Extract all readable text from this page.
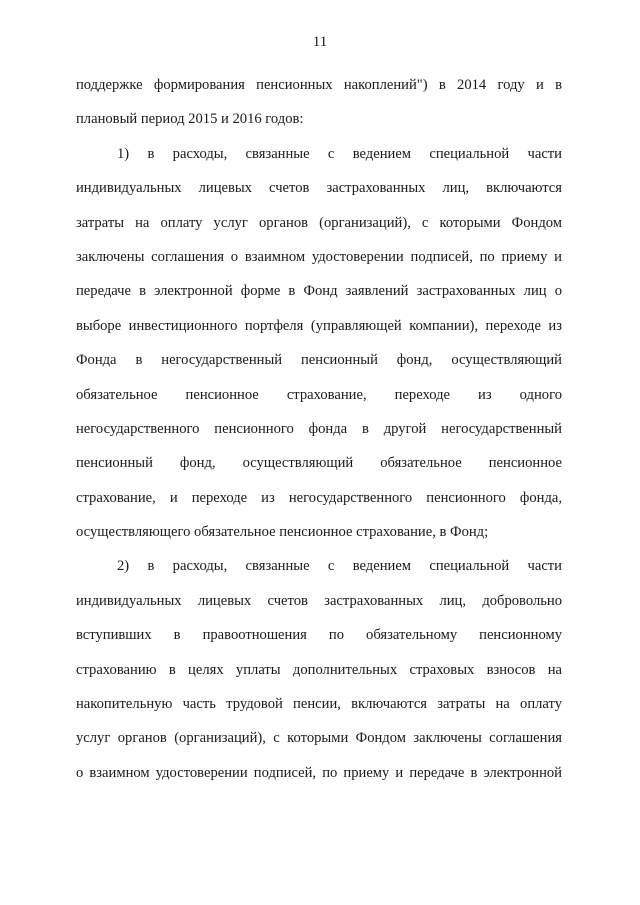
11
поддержке формирования пенсионных накоплений") в 2014 году и в
плановый период 2015 и 2016 годов:
1) в расходы, связанные с ведением специальной части
индивидуальных лицевых счетов застрахованных лиц, включаются
затраты на оплату услуг органов (организаций), с которыми Фондом
заключены соглашения о взаимном удостоверении подписей, по приему и
передаче в электронной форме в Фонд заявлений застрахованных лиц о
выборе инвестиционного портфеля (управляющей компании), переходе из
Фонда в негосударственный пенсионный фонд, осуществляющий
обязательное пенсионное страхование, переходе из одного
негосударственного пенсионного фонда в другой негосударственный
пенсионный фонд, осуществляющий обязательное пенсионное
страхование, и переходе из негосударственного пенсионного фонда,
осуществляющего обязательное пенсионное страхование, в Фонд;
2) в расходы, связанные с ведением специальной части
индивидуальных лицевых счетов застрахованных лиц, добровольно
вступивших в правоотношения по обязательному пенсионному
страхованию в целях уплаты дополнительных страховых взносов на
накопительную часть трудовой пенсии, включаются затраты на оплату
услуг органов (организаций), с которыми Фондом заключены соглашения
о взаимном удостоверении подписей, по приему и передаче в электронной
